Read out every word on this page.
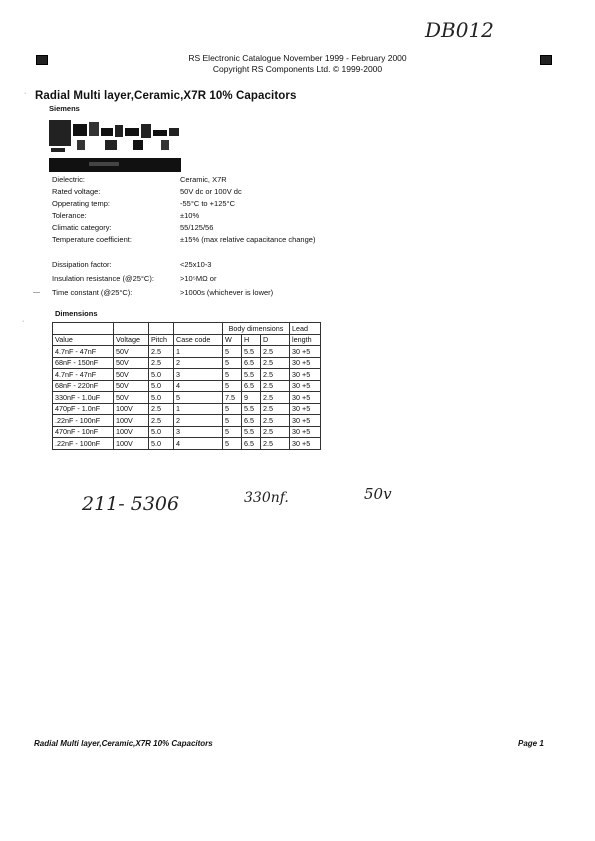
DB012
RS Electronic Catalogue November 1999 - February 2000
Copyright RS Components Ltd. © 1999-2000
Radial Multi layer,Ceramic,X7R 10% Capacitors
·
Siemens
Dielectric:	Ceramic, X7R
Rated voltage:	50V dc or 100V dc
Opperating temp:	-55°C to +125°C
Tolerance:	±10%
Climatic category:	55/125/56
Temperature coefficient:	±15% (max relative capacitance change)
Dissipation factor:	<25x10-3
Insulation resistance (@25°C):	>10⁵MΩ or
Time constant (@25°C):	>1000s (whichever is lower)
—
·
Dimensions
				Body dimensions			Lead
Value	Voltage	Pitch	Case code	W	H	D	length
4.7nF - 47nF	50V	2.5	1	5	5.5	2.5	30 +5
68nF - 150nF	50V	2.5	2	5	6.5	2.5	30 +5
4.7nF - 47nF	50V	5.0	3	5	5.5	2.5	30 +5
68nF - 220nF	50V	5.0	4	5	6.5	2.5	30 +5
330nF - 1.0uF	50V	5.0	5	7.5	9	2.5	30 +5
470pF - 1.0nF	100V	2.5	1	5	5.5	2.5	30 +5
.22nF - 100nF	100V	2.5	2	5	6.5	2.5	30 +5
470nF - 10nF	100V	5.0	3	5	5.5	2.5	30 +5
.22nF - 100nF	100V	5.0	4	5	6.5	2.5	30 +5
211- 5306	330nf.	50v
Radial Multi layer,Ceramic,X7R 10% Capacitors	Page 1
